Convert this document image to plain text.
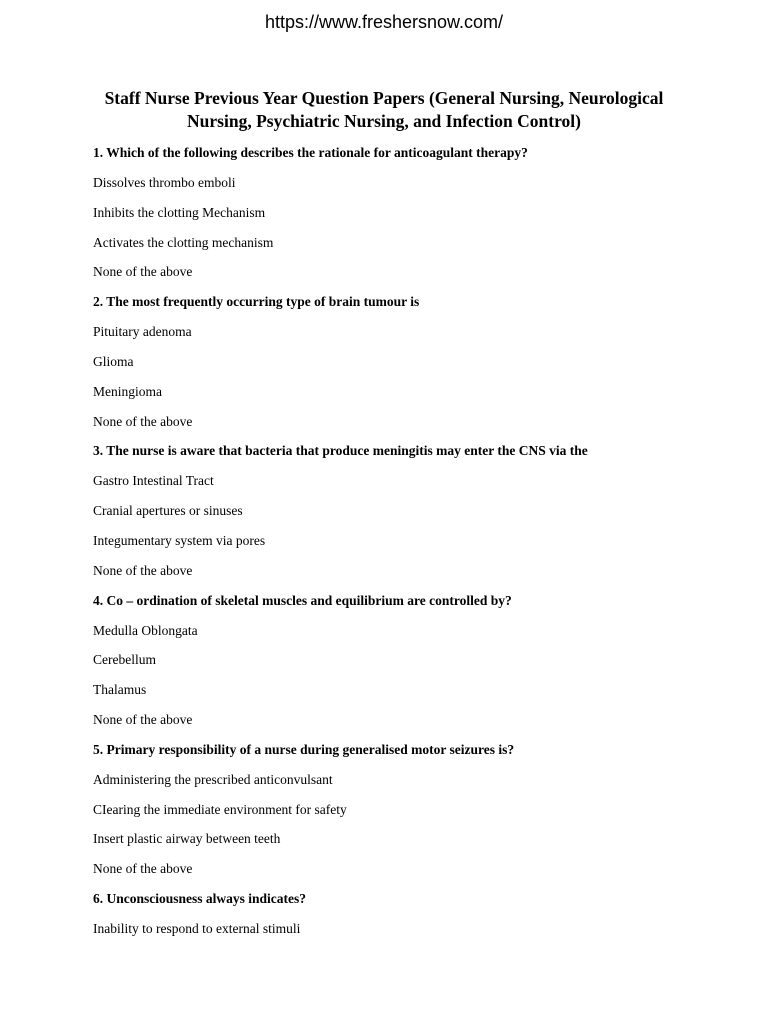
https://www.freshersnow.com/
Staff Nurse Previous Year Question Papers (General Nursing, Neurological Nursing, Psychiatric Nursing, and Infection Control)
1. Which of the following describes the rationale for anticoagulant therapy?
Dissolves thrombo emboli
Inhibits the clotting Mechanism
Activates the clotting mechanism
None of the above
2. The most frequently occurring type of brain tumour is
Pituitary adenoma
Glioma
Meningioma
None of the above
3. The nurse is aware that bacteria that produce meningitis may enter the CNS via the
Gastro Intestinal Tract
Cranial apertures or sinuses
Integumentary system via pores
None of the above
4. Co – ordination of skeletal muscles and equilibrium are controlled by?
Medulla Oblongata
Cerebellum
Thalamus
None of the above
5. Primary responsibility of a nurse during generalised motor seizures is?
Administering the prescribed anticonvulsant
CIearing the immediate environment for safety
Insert plastic airway between teeth
None of the above
6. Unconsciousness always indicates?
Inability to respond to external stimuli
